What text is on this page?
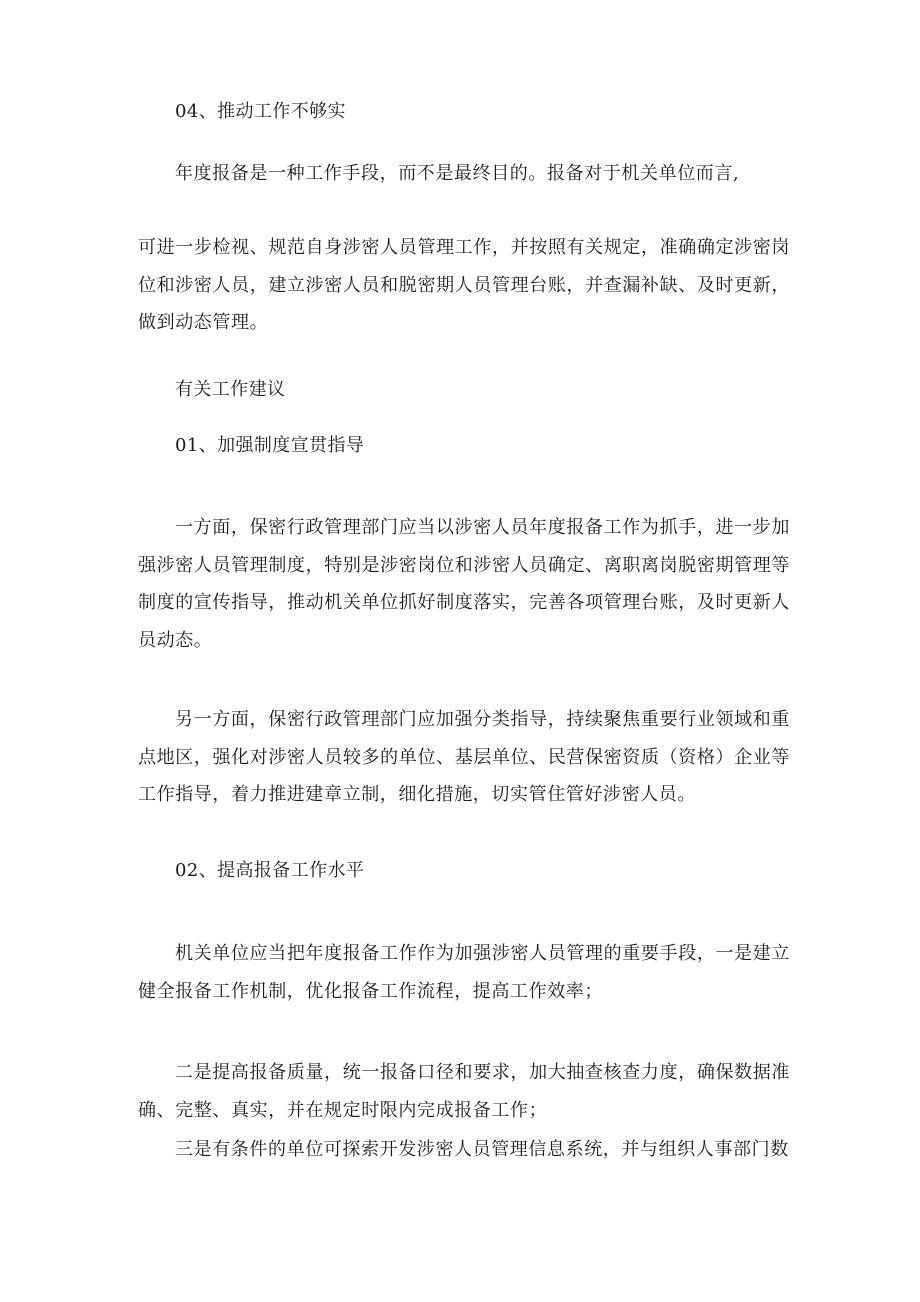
04、推动工作不够实

年度报备是一种工作手段，而不是最终目的。报备对于机关单位而言,

可进一步检视、规范自身涉密人员管理工作，并按照有关规定，准确确定涉密岗位和涉密人员，建立涉密人员和脱密期人员管理台账，并查漏补缺、及时更新，做到动态管理。

有关工作建议

01、加强制度宣贯指导

一方面，保密行政管理部门应当以涉密人员年度报备工作为抓手，进一步加强涉密人员管理制度，特别是涉密岗位和涉密人员确定、离职离岗脱密期管理等制度的宣传指导，推动机关单位抓好制度落实，完善各项管理台账，及时更新人员动态。

另一方面，保密行政管理部门应加强分类指导，持续聚焦重要行业领域和重点地区，强化对涉密人员较多的单位、基层单位、民营保密资质（资格）企业等工作指导，着力推进建章立制，细化措施，切实管住管好涉密人员。

02、提高报备工作水平

机关单位应当把年度报备工作作为加强涉密人员管理的重要手段，一是建立健全报备工作机制，优化报备工作流程，提高工作效率；

二是提高报备质量，统一报备口径和要求，加大抽查核查力度，确保数据准确、完整、真实，并在规定时限内完成报备工作；

三是有条件的单位可探索开发涉密人员管理信息系统，并与组织人事部门数
